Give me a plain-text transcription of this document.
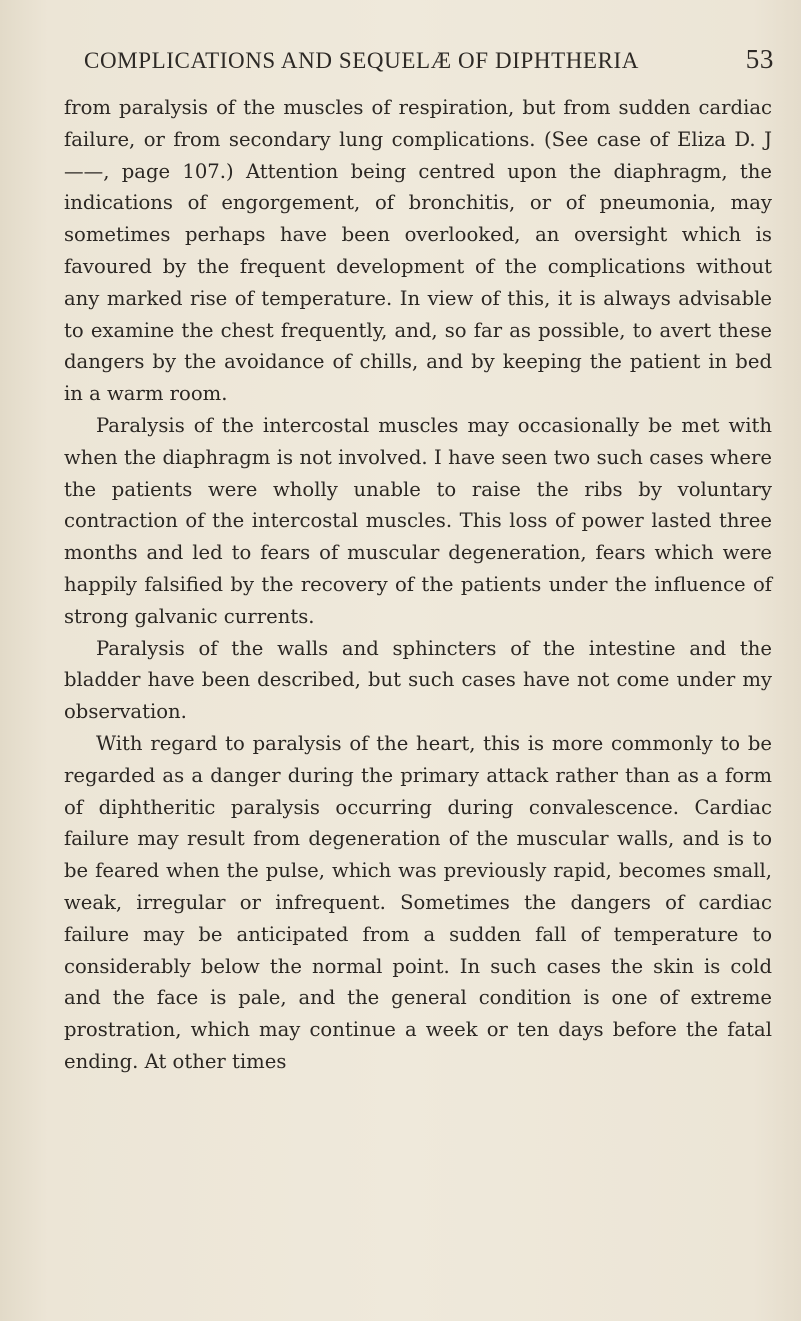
COMPLICATIONS AND SEQUELÆ OF DIPHTHERIA	53

from paralysis of the muscles of respiration, but from sudden cardiac failure, or from secondary lung complications. (See case of Eliza D. J——, page 107.) Attention being centred upon the diaphragm, the indications of engorgement, of bronchitis, or of pneumonia, may sometimes perhaps have been overlooked, an oversight which is favoured by the frequent development of the complications without any marked rise of temperature. In view of this, it is always advisable to examine the chest frequently, and, so far as possible, to avert these dangers by the avoidance of chills, and by keeping the patient in bed in a warm room.

Paralysis of the intercostal muscles may occasionally be met with when the diaphragm is not involved. I have seen two such cases where the patients were wholly unable to raise the ribs by voluntary contraction of the intercostal muscles. This loss of power lasted three months and led to fears of muscular degeneration, fears which were happily falsified by the recovery of the patients under the influence of strong galvanic currents.

Paralysis of the walls and sphincters of the intestine and the bladder have been described, but such cases have not come under my observation.

With regard to paralysis of the heart, this is more commonly to be regarded as a danger during the primary attack rather than as a form of diphtheritic paralysis occurring during convalescence. Cardiac failure may result from degeneration of the muscular walls, and is to be feared when the pulse, which was previously rapid, becomes small, weak, irregular or infrequent. Sometimes the dangers of cardiac failure may be anticipated from a sudden fall of temperature to considerably below the normal point. In such cases the skin is cold and the face is pale, and the general condition is one of extreme prostration, which may continue a week or ten days before the fatal ending. At other times
